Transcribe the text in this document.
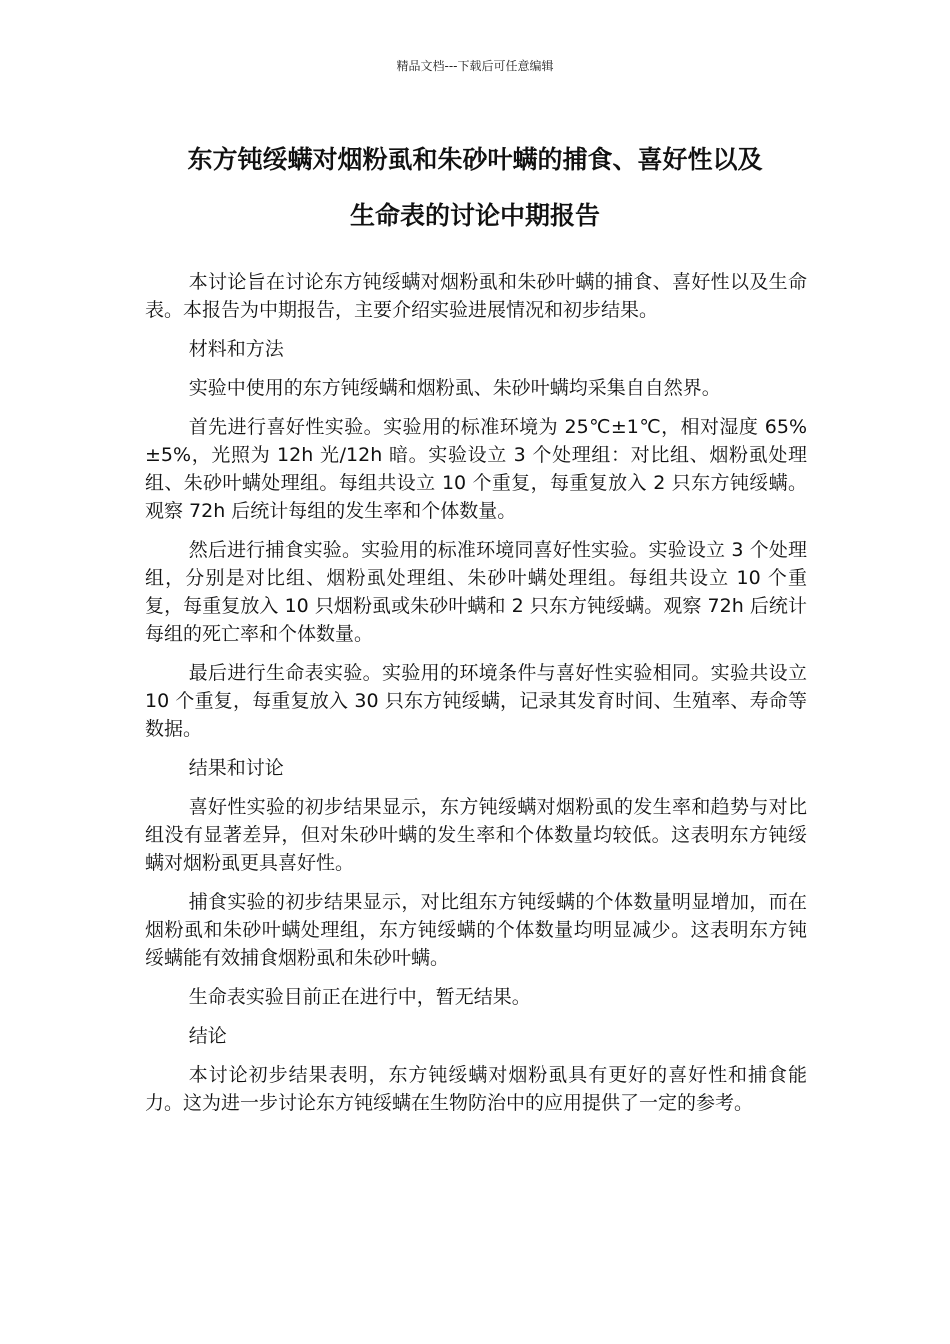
精品文档---下载后可任意编辑
东方钝绥螨对烟粉虱和朱砂叶螨的捕食、喜好性以及
生命表的讨论中期报告

本讨论旨在讨论东方钝绥螨对烟粉虱和朱砂叶螨的捕食、喜好性以及生命表。本报告为中期报告，主要介绍实验进展情况和初步结果。

材料和方法

实验中使用的东方钝绥螨和烟粉虱、朱砂叶螨均采集自自然界。

首先进行喜好性实验。实验用的标准环境为 25℃±1℃，相对湿度 65%±5%，光照为 12h 光/12h 暗。实验设立 3 个处理组：对比组、烟粉虱处理组、朱砂叶螨处理组。每组共设立 10 个重复，每重复放入 2 只东方钝绥螨。观察 72h 后统计每组的发生率和个体数量。

然后进行捕食实验。实验用的标准环境同喜好性实验。实验设立 3 个处理组，分别是对比组、烟粉虱处理组、朱砂叶螨处理组。每组共设立 10 个重复，每重复放入 10 只烟粉虱或朱砂叶螨和 2 只东方钝绥螨。观察 72h 后统计每组的死亡率和个体数量。

最后进行生命表实验。实验用的环境条件与喜好性实验相同。实验共设立 10 个重复，每重复放入 30 只东方钝绥螨，记录其发育时间、生殖率、寿命等数据。

结果和讨论

喜好性实验的初步结果显示，东方钝绥螨对烟粉虱的发生率和趋势与对比组没有显著差异，但对朱砂叶螨的发生率和个体数量均较低。这表明东方钝绥螨对烟粉虱更具喜好性。

捕食实验的初步结果显示，对比组东方钝绥螨的个体数量明显增加，而在烟粉虱和朱砂叶螨处理组，东方钝绥螨的个体数量均明显减少。这表明东方钝绥螨能有效捕食烟粉虱和朱砂叶螨。

生命表实验目前正在进行中，暂无结果。

结论

本讨论初步结果表明，东方钝绥螨对烟粉虱具有更好的喜好性和捕食能力。这为进一步讨论东方钝绥螨在生物防治中的应用提供了一定的参考。
